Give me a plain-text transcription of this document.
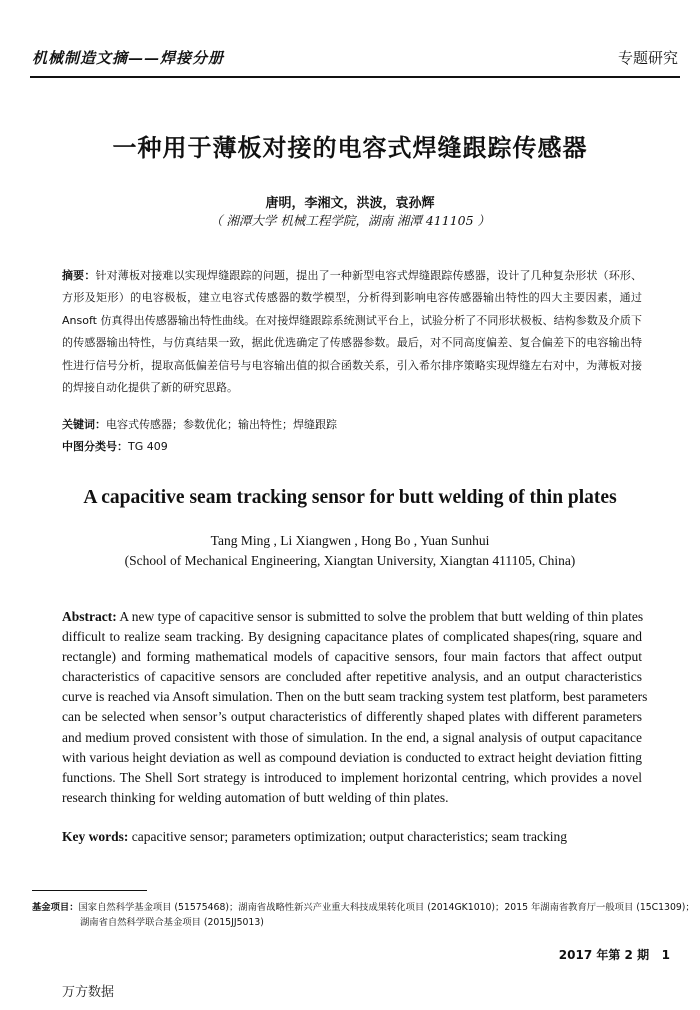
机械制造文摘——焊接分册	专题研究
一种用于薄板对接的电容式焊缝跟踪传感器
唐明，李湘文，洪波，袁孙辉
（ 湘潭大学 机械工程学院，湖南 湘潭 411105 ）
摘要：针对薄板对接难以实现焊缝跟踪的问题，提出了一种新型电容式焊缝跟踪传感器，设计了几种复杂形状（环形、方形及矩形）的电容极板，建立电容式传感器的数学模型，分析得到影响电容传感器输出特性的四大主要因素，通过 Ansoft 仿真得出传感器输出特性曲线。在对接焊缝跟踪系统测试平台上，试验分析了不同形状极板、结构参数及介质下的传感器输出特性，与仿真结果一致，据此优选确定了传感器参数。最后，对不同高度偏差、复合偏差下的电容输出特性进行信号分析，提取高低偏差信号与电容输出值的拟合函数关系，引入希尔排序策略实现焊缝左右对中，为薄板对接的焊接自动化提供了新的研究思路。
关键词：电容式传感器；参数优化；输出特性；焊缝跟踪
中图分类号：TG 409
A capacitive seam tracking sensor for butt welding of thin plates
Tang Ming , Li Xiangwen , Hong Bo , Yuan Sunhui
(School of Mechanical Engineering, Xiangtan University, Xiangtan 411105, China)
Abstract: A new type of capacitive sensor is submitted to solve the problem that butt welding of thin plates
difficult to realize seam tracking. By designing capacitance plates of complicated shapes(ring, square and
rectangle) and forming mathematical models of capacitive sensors, four main factors that affect output
characteristics of capacitive sensors are concluded after repetitive analysis, and an output characteristics
curve is reached via Ansoft simulation. Then on the butt seam tracking system test platform, best parameters
can be selected when sensor’s output characteristics of differently shaped plates with different parameters
and medium proved consistent with those of simulation. In the end, a signal analysis of output capacitance
with various height deviation as well as compound deviation is conducted to extract height deviation fitting
functions. The Shell Sort strategy is introduced to implement horizontal centring, which provides a novel
research thinking for welding automation of butt welding of thin plates.
Key words: capacitive sensor; parameters optimization; output characteristics; seam tracking
基金项目：国家自然科学基金项目 (51575468)；湖南省战略性新兴产业重大科技成果转化项目 (2014GK1010)；2015 年湖南省教育厅一般项目 (15C1309)；
湖南省自然科学联合基金项目 (2015JJ5013)
2017 年第 2 期 1
万方数据
